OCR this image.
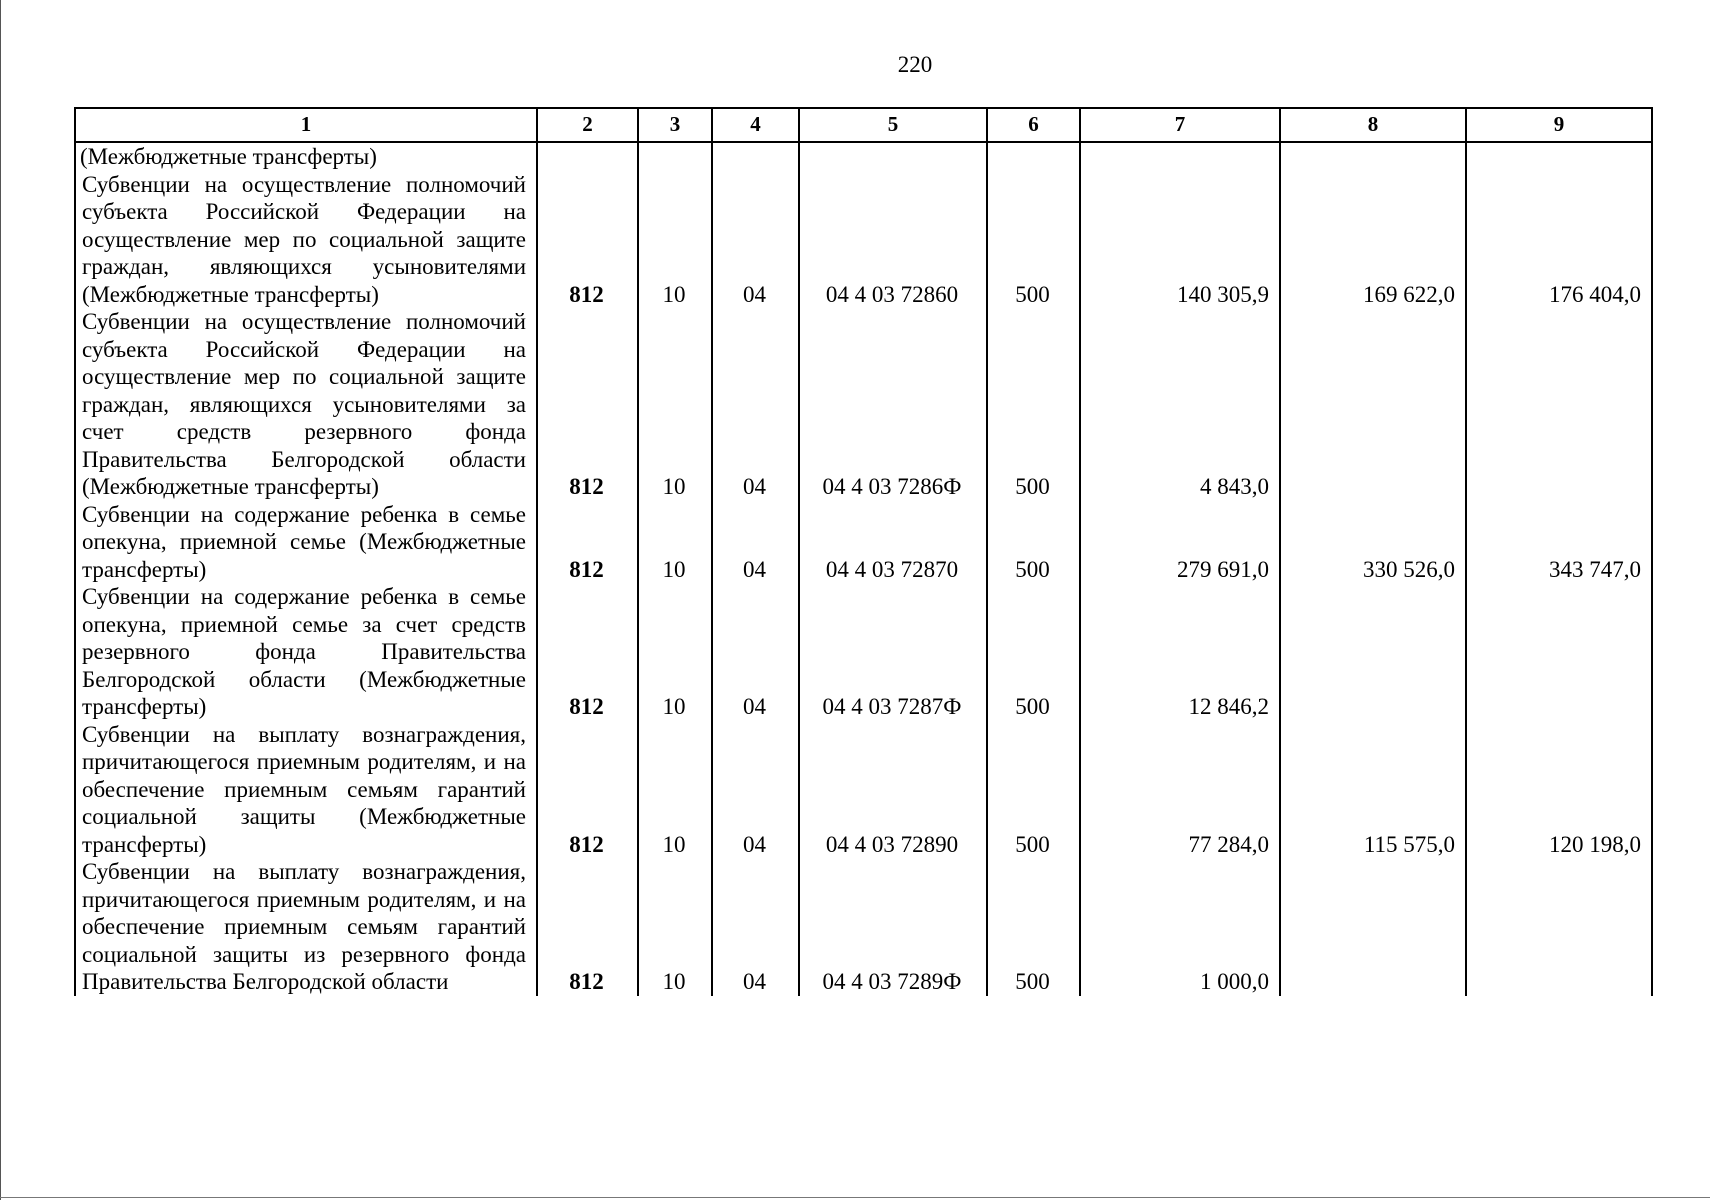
220
1	2	3	4	5	6	7	8	9
(Межбюджетные трансферты)								
Субвенции на осуществление полномочий субъекта Российской Федерации на осуществление мер по социальной защите граждан, являющихся усыновителями (Межбюджетные трансферты)	812	10	04	04 4 03 72860	500	140 305,9	169 622,0	176 404,0
Субвенции на осуществление полномочий субъекта Российской Федерации на осуществление мер по социальной защите граждан, являющихся усыновителями за счет средств резервного фонда Правительства Белгородской области (Межбюджетные трансферты)	812	10	04	04 4 03 7286Ф	500	4 843,0		
Субвенции на содержание ребенка в семье опекуна, приемной семье (Межбюджетные трансферты)	812	10	04	04 4 03 72870	500	279 691,0	330 526,0	343 747,0
Субвенции на содержание ребенка в семье опекуна, приемной семье за счет средств резервного фонда Правительства Белгородской области (Межбюджетные трансферты)	812	10	04	04 4 03 7287Ф	500	12 846,2		
Субвенции на выплату вознаграждения, причитающегося приемным родителям, и на обеспечение приемным семьям гарантий социальной защиты (Межбюджетные трансферты)	812	10	04	04 4 03 72890	500	77 284,0	115 575,0	120 198,0
Субвенции на выплату вознаграждения, причитающегося приемным родителям, и на обеспечение приемным семьям гарантий социальной защиты из резервного фонда Правительства Белгородской области	812	10	04	04 4 03 7289Ф	500	1 000,0		
